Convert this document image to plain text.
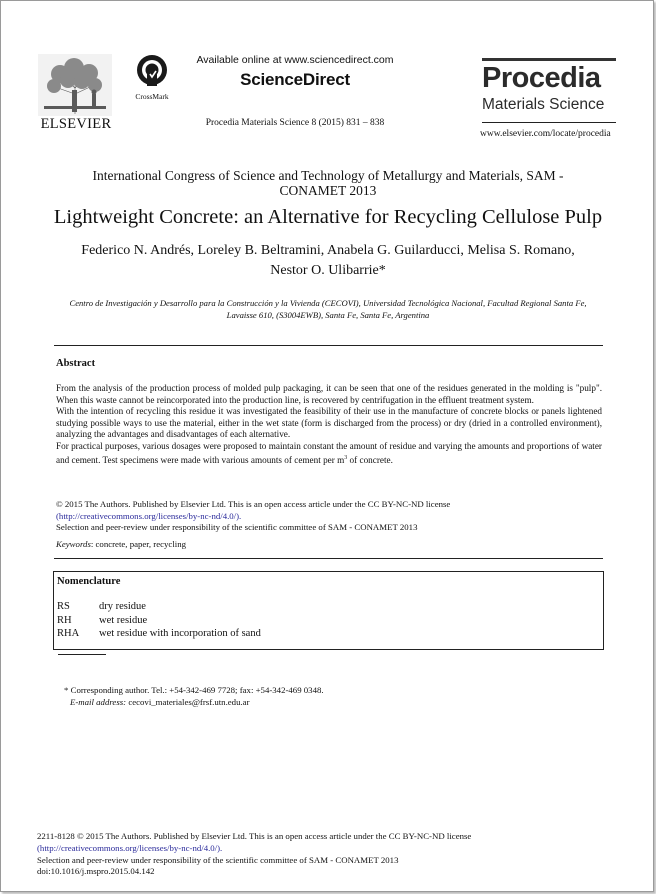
ELSEVIER
CrossMark
Available online at www.sciencedirect.com
ScienceDirect
Procedia Materials Science 8 (2015) 831 – 838
Procedia
Materials Science
www.elsevier.com/locate/procedia
International Congress of Science and Technology of Metallurgy and Materials, SAM - CONAMET 2013
Lightweight Concrete: an Alternative for Recycling Cellulose Pulp
Federico N. Andrés, Loreley B. Beltramini, Anabela G. Guilarducci, Melisa S. Romano,
Nestor O. Ulibarrie*
Centro de Investigación y Desarrollo para la Construcción y la Vivienda (CECOVI), Universidad Tecnológica Nacional, Facultad Regional Santa Fe, Lavaisse 610, (S3004EWB), Santa Fe, Santa Fe, Argentina
Abstract
From the analysis of the production process of molded pulp packaging, it can be seen that one of the residues generated in the molding is "pulp". When this waste cannot be reincorporated into the production line, is recovered by centrifugation in the effluent treatment system.
With the intention of recycling this residue it was investigated the feasibility of their use in the manufacture of concrete blocks or panels lightened studying possible ways to use the material, either in the wet state (form is discharged from the process) or dry (dried in a controlled environment), analyzing the advantages and disadvantages of each alternative.
For practical purposes, various dosages were proposed to maintain constant the amount of residue and varying the amounts and proportions of water and cement. Test specimens were made with various amounts of cement per $m^3$ of concrete.
© 2015 The Authors. Published by Elsevier Ltd. This is an open access article under the CC BY-NC-ND license
(http://creativecommons.org/licenses/by-nc-nd/4.0/).
Selection and peer-review under responsibility of the scientific committee of SAM - CONAMET 2013
Keywords: concrete, paper, recycling
Nomenclature
RS	dry residue
RH	wet residue
RHA	wet residue with incorporation of sand
* Corresponding author. Tel.: +54-342-469 7728; fax: +54-342-469 0348.
E-mail address: cecovi_materiales@frsf.utn.edu.ar
2211-8128 © 2015 The Authors. Published by Elsevier Ltd. This is an open access article under the CC BY-NC-ND license
(http://creativecommons.org/licenses/by-nc-nd/4.0/).
Selection and peer-review under responsibility of the scientific committee of SAM - CONAMET 2013
doi:10.1016/j.mspro.2015.04.142
